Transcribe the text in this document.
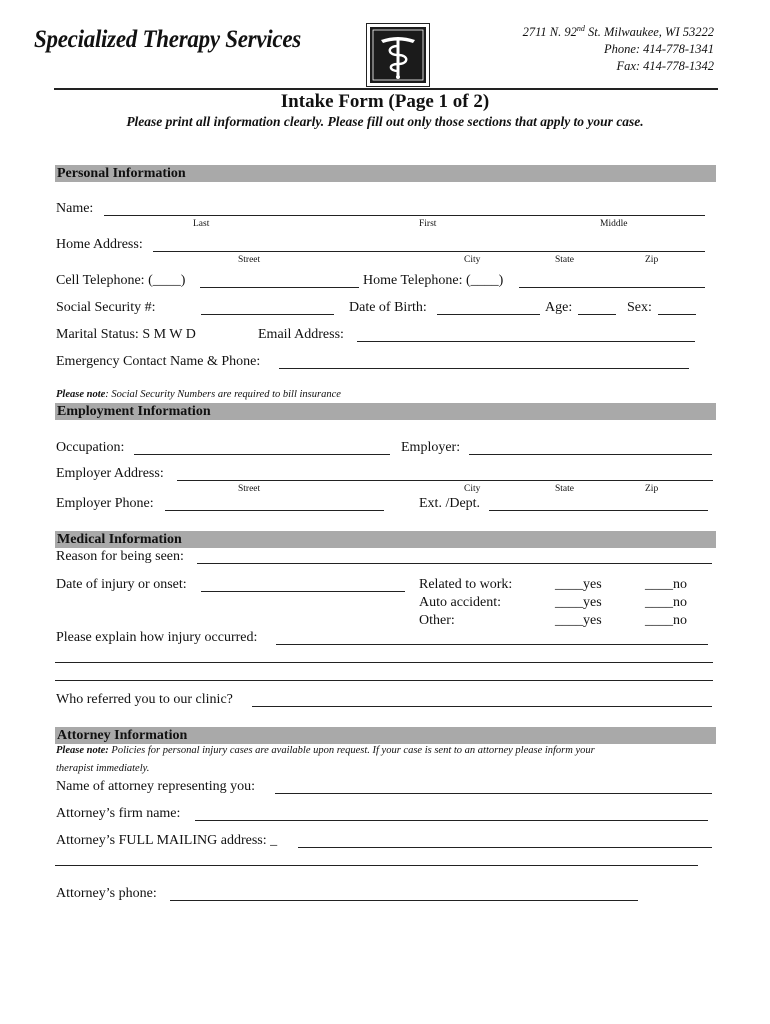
Specialized Therapy Services	2711 N. 92nd St. Milwaukee, WI 53222
Phone: 414-778-1341
Fax: 414-778-1342
Intake Form (Page 1 of 2)
Please print all information clearly. Please fill out only those sections that apply to your case.
Personal Information
Name:
Last	First	Middle
Home Address:
Street	City	State	Zip
Cell Telephone: (____)	Home Telephone: (____)
Social Security #:	Date of Birth:	Age:	Sex:
Marital Status: S M W D	Email Address:
Emergency Contact Name & Phone:
Please note: Social Security Numbers are required to bill insurance
Employment Information
Occupation:	Employer:
Employer Address:
Street	City	State	Zip
Employer Phone:	Ext. /Dept.
Medical Information
Reason for being seen:
Date of injury or onset:	Related to work:	____yes	____no
Auto accident:	____yes	____no
Other:	____yes	____no
Please explain how injury occurred:
Who referred you to our clinic?
Attorney Information
Please note: Policies for personal injury cases are available upon request. If your case is sent to an attorney please inform your
therapist immediately.
Name of attorney representing you:
Attorney’s firm name:
Attorney’s FULL MAILING address: _
Attorney’s phone:
